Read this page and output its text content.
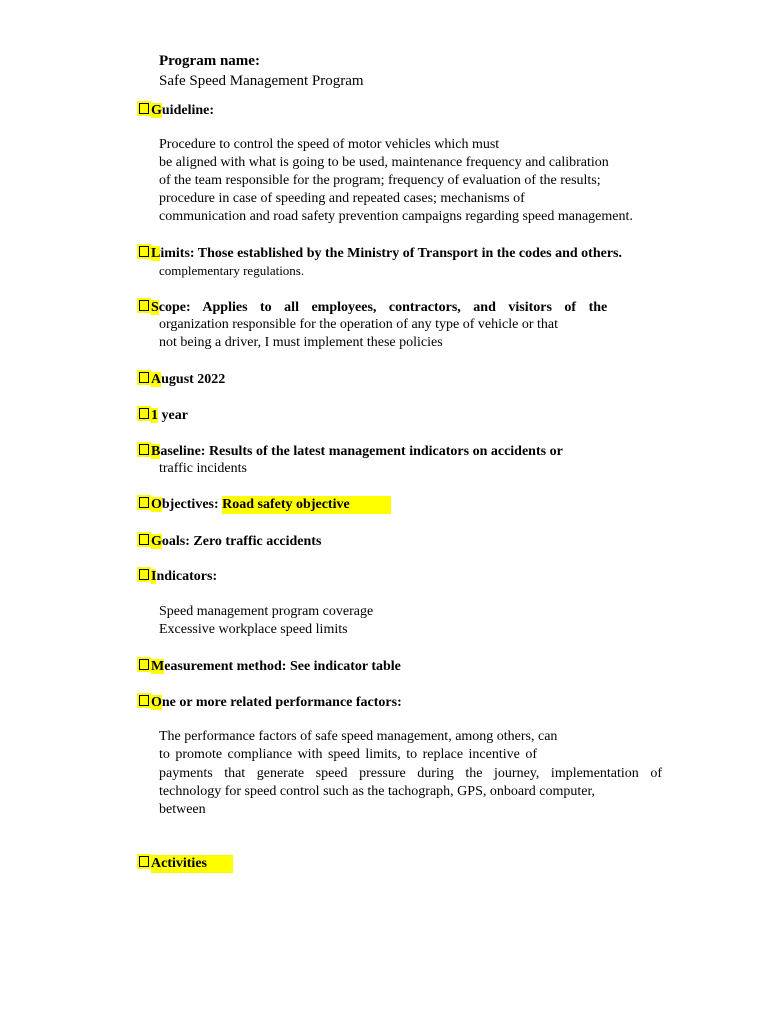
Program name:
Safe Speed Management Program
Guideline:
Procedure to control the speed of motor vehicles which must
be aligned with what is going to be used, maintenance frequency and calibration
of the team responsible for the program; frequency of evaluation of the results;
procedure in case of speeding and repeated cases; mechanisms of
communication and road safety prevention campaigns regarding speed management.
Limits: Those established by the Ministry of Transport in the codes and others.
complementary regulations.
Scope: Applies to all employees, contractors, and visitors of the
organization responsible for the operation of any type of vehicle or that
not being a driver, I must implement these policies
August 2022
1 year
Baseline: Results of the latest management indicators on accidents or
traffic incidents
Objectives: Road safety objective
Goals: Zero traffic accidents
Indicators:
Speed management program coverage
Excessive workplace speed limits
Measurement method: See indicator table
One or more related performance factors:
The performance factors of safe speed management, among others, can
to promote compliance with speed limits, to replace incentive of
payments that generate speed pressure during the journey, implementation of
technology for speed control such as the tachograph, GPS, onboard computer,
between
Activities
